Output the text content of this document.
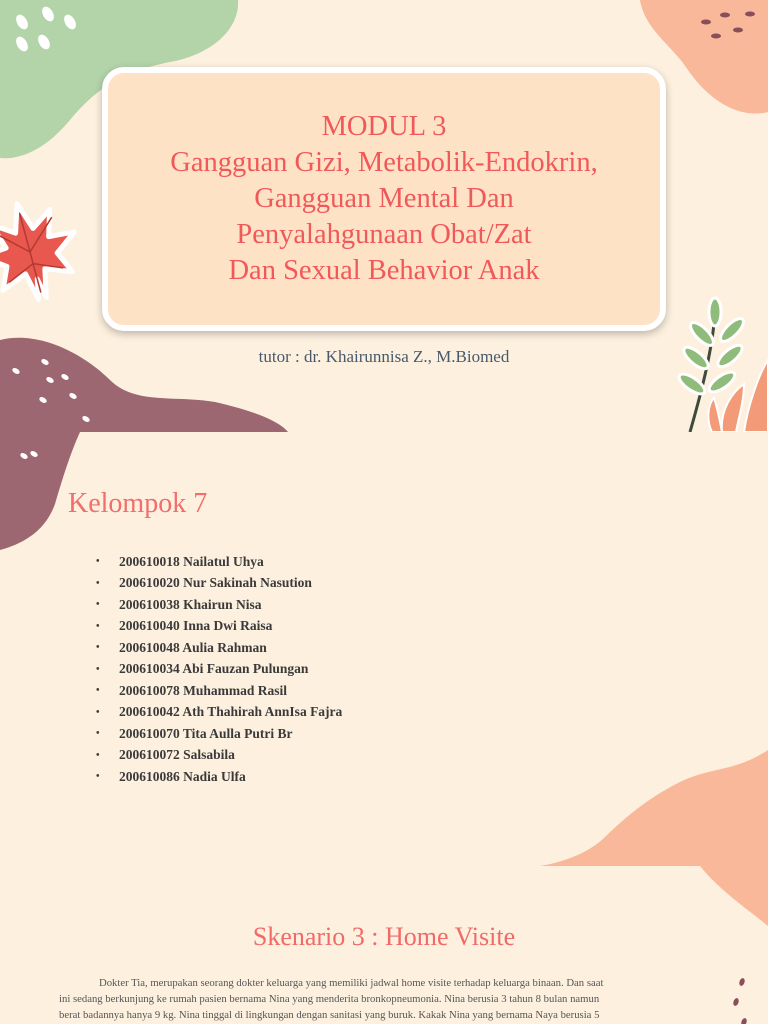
MODUL 3
Gangguan Gizi, Metabolik-Endokrin,
Gangguan Mental Dan
Penyalahgunaan Obat/Zat
Dan Sexual Behavior Anak
tutor : dr. Khairunnisa Z., M.Biomed
Kelompok 7
•	200610018 Nailatul Uhya
•	200610020 Nur Sakinah Nasution
•	200610038 Khairun Nisa
•	200610040 Inna Dwi Raisa
•	200610048 Aulia Rahman
•	200610034 Abi Fauzan Pulungan
•	200610078 Muhammad Rasil
•	200610042 Ath Thahirah AnnIsa Fajra
•	200610070 Tita Aulla Putri Br
•	200610072 Salsabila
•	200610086 Nadia Ulfa
Skenario 3 : Home Visite
Dokter Tia, merupakan seorang dokter keluarga yang memiliki jadwal home visite terhadap keluarga binaan. Dan saat
ini sedang berkunjung ke rumah pasien bernama Nina yang menderita bronkopneumonia. Nina berusia 3 tahun 8 bulan namun
berat badannya hanya 9 kg. Nina tinggal di lingkungan dengan sanitasi yang buruk. Kakak Nina yang bernama Naya berusia 5
